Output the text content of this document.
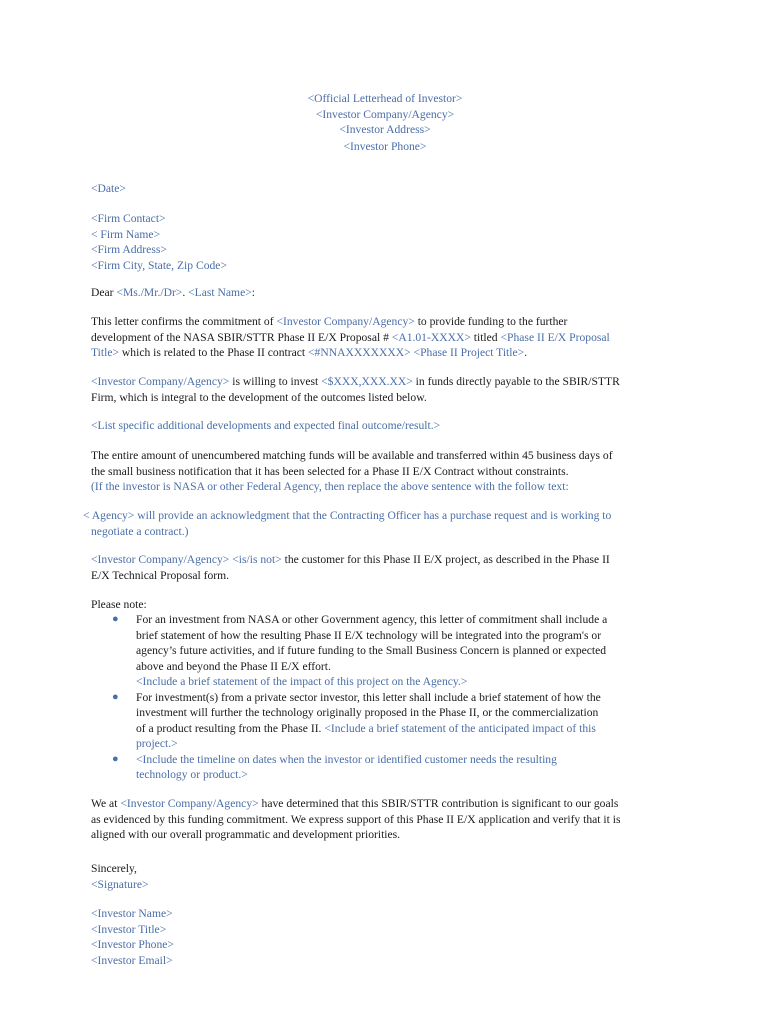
<Official Letterhead of Investor>
<Investor Company/Agency>
<Investor Address>
<Investor Phone>
<Date>
<Firm Contact>
< Firm Name>
<Firm Address>
<Firm City, State, Zip Code>
Dear <Ms./Mr./Dr>. <Last Name>:
This letter confirms the commitment of <Investor Company/Agency> to provide funding to the further
development of the NASA SBIR/STTR Phase II E/X Proposal # <A1.01-XXXX> titled <Phase II E/X Proposal
Title> which is related to the Phase II contract <#NNAXXXXXXX> <Phase II Project Title>.
<Investor Company/Agency> is willing to invest <$XXX,XXX.XX> in funds directly payable to the SBIR/STTR
Firm, which is integral to the development of the outcomes listed below.
<List specific additional developments and expected final outcome/result.>
The entire amount of unencumbered matching funds will be available and transferred within 45 business days of
the small business notification that it has been selected for a Phase II E/X Contract without constraints.
(If the investor is NASA or other Federal Agency, then replace the above sentence with the follow text:
< Agency> will provide an acknowledgment that the Contracting Officer has a purchase request and is working to
negotiate a contract.)
<Investor Company/Agency> <is/is not> the customer for this Phase II E/X project, as described in the Phase II
E/X Technical Proposal form.
Please note:
● For an investment from NASA or other Government agency, this letter of commitment shall include a
brief statement of how the resulting Phase II E/X technology will be integrated into the program's or
agency’s future activities, and if future funding to the Small Business Concern is planned or expected
above and beyond the Phase II E/X effort.
<Include a brief statement of the impact of this project on the Agency.>
● For investment(s) from a private sector investor, this letter shall include a brief statement of how the
investment will further the technology originally proposed in the Phase II, or the commercialization
of a product resulting from the Phase II. <Include a brief statement of the anticipated impact of this
project.>
● <Include the timeline on dates when the investor or identified customer needs the resulting
technology or product.>
We at <Investor Company/Agency> have determined that this SBIR/STTR contribution is significant to our goals
as evidenced by this funding commitment. We express support of this Phase II E/X application and verify that it is
aligned with our overall programmatic and development priorities.
Sincerely,
<Signature>
<Investor Name>
<Investor Title>
<Investor Phone>
<Investor Email>
